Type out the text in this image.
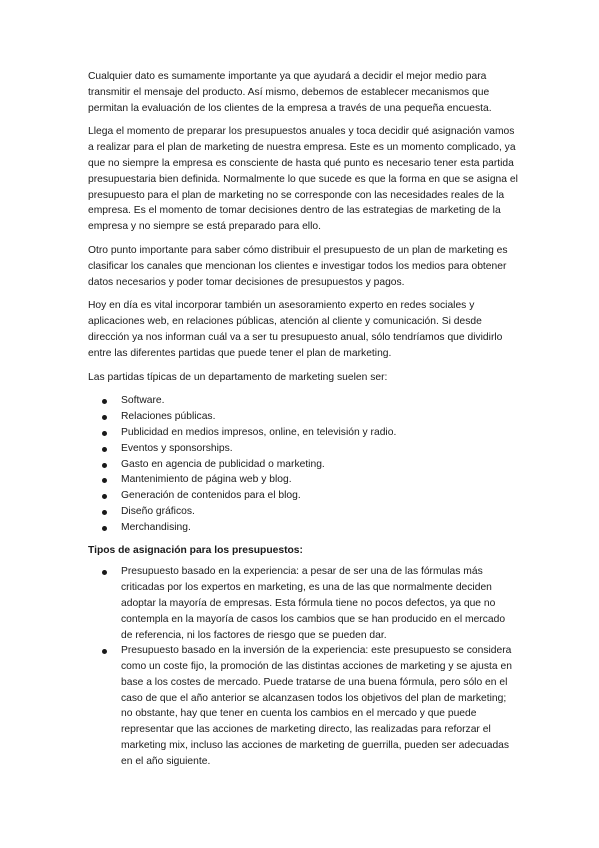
Cualquier dato es sumamente importante ya que ayudará a decidir el mejor medio para transmitir el mensaje del producto. Así mismo, debemos de establecer mecanismos que permitan la evaluación de los clientes de la empresa a través de una pequeña encuesta.

Llega el momento de preparar los presupuestos anuales y toca decidir qué asignación vamos a realizar para el plan de marketing de nuestra empresa. Este es un momento complicado, ya que no siempre la empresa es consciente de hasta qué punto es necesario tener esta partida presupuestaria bien definida. Normalmente lo que sucede es que la forma en que se asigna el presupuesto para el plan de marketing no se corresponde con las necesidades reales de la empresa. Es el momento de tomar decisiones dentro de las estrategias de marketing de la empresa y no siempre se está preparado para ello.

Otro punto importante para saber cómo distribuir el presupuesto de un plan de marketing es clasificar los canales que mencionan los clientes e investigar todos los medios para obtener datos necesarios y poder tomar decisiones de presupuestos y pagos.

Hoy en día es vital incorporar también un asesoramiento experto en redes sociales y aplicaciones web, en relaciones públicas, atención al cliente y comunicación. Si desde dirección ya nos informan cuál va a ser tu presupuesto anual, sólo tendríamos que dividirlo entre las diferentes partidas que puede tener el plan de marketing.

Las partidas típicas de un departamento de marketing suelen ser:

Software.
Relaciones públicas.
Publicidad en medios impresos, online, en televisión y radio.
Eventos y sponsorships.
Gasto en agencia de publicidad o marketing.
Mantenimiento de página web y blog.
Generación de contenidos para el blog.
Diseño gráficos.
Merchandising.

Tipos de asignación para los presupuestos:

Presupuesto basado en la experiencia: a pesar de ser una de las fórmulas más criticadas por los expertos en marketing, es una de las que normalmente deciden adoptar la mayoría de empresas. Esta fórmula tiene no pocos defectos, ya que no contempla en la mayoría de casos los cambios que se han producido en el mercado de referencia, ni los factores de riesgo que se pueden dar.
Presupuesto basado en la inversión de la experiencia: este presupuesto se considera como un coste fijo, la promoción de las distintas acciones de marketing y se ajusta en base a los costes de mercado. Puede tratarse de una buena fórmula, pero sólo en el caso de que el año anterior se alcanzasen todos los objetivos del plan de marketing; no obstante, hay que tener en cuenta los cambios en el mercado y que puede representar que las acciones de marketing directo, las realizadas para reforzar el marketing mix, incluso las acciones de marketing de guerrilla, pueden ser adecuadas en el año siguiente.
